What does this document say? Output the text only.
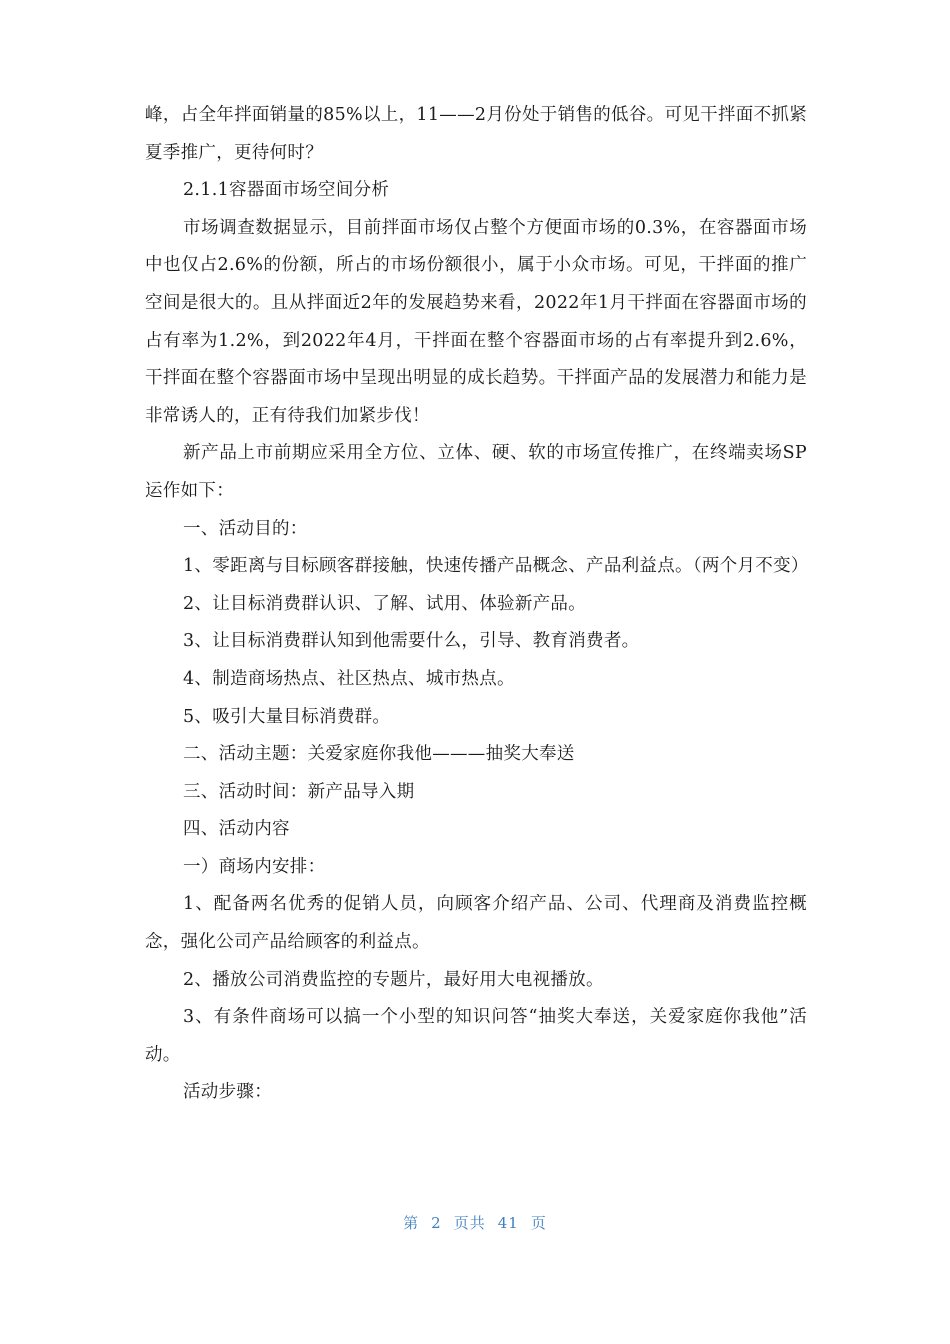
峰，占全年拌面销量的85%以上，11——2月份处于销售的低谷。可见干拌面不抓紧夏季推广，更待何时？

2.1.1容器面市场空间分析

市场调查数据显示，目前拌面市场仅占整个方便面市场的0.3%，在容器面市场中也仅占2.6%的份额，所占的市场份额很小，属于小众市场。可见，干拌面的推广空间是很大的。且从拌面近2年的发展趋势来看，2022年1月干拌面在容器面市场的占有率为1.2%，到2022年4月，干拌面在整个容器面市场的占有率提升到2.6%，干拌面在整个容器面市场中呈现出明显的成长趋势。干拌面产品的发展潜力和能力是非常诱人的，正有待我们加紧步伐！

新产品上市前期应采用全方位、立体、硬、软的市场宣传推广，在终端卖场SP运作如下：

一、活动目的：

1、零距离与目标顾客群接触，快速传播产品概念、产品利益点。（两个月不变）

2、让目标消费群认识、了解、试用、体验新产品。

3、让目标消费群认知到他需要什么，引导、教育消费者。

4、制造商场热点、社区热点、城市热点。

5、吸引大量目标消费群。

二、活动主题：关爱家庭你我他———抽奖大奉送

三、活动时间：新产品导入期

四、活动内容

一）商场内安排：

1、配备两名优秀的促销人员，向顾客介绍产品、公司、代理商及消费监控概念，强化公司产品给顾客的利益点。

2、播放公司消费监控的专题片，最好用大电视播放。

3、有条件商场可以搞一个小型的知识问答“抽奖大奉送，关爱家庭你我他”活动。

活动步骤：

第 2 页共 41 页
